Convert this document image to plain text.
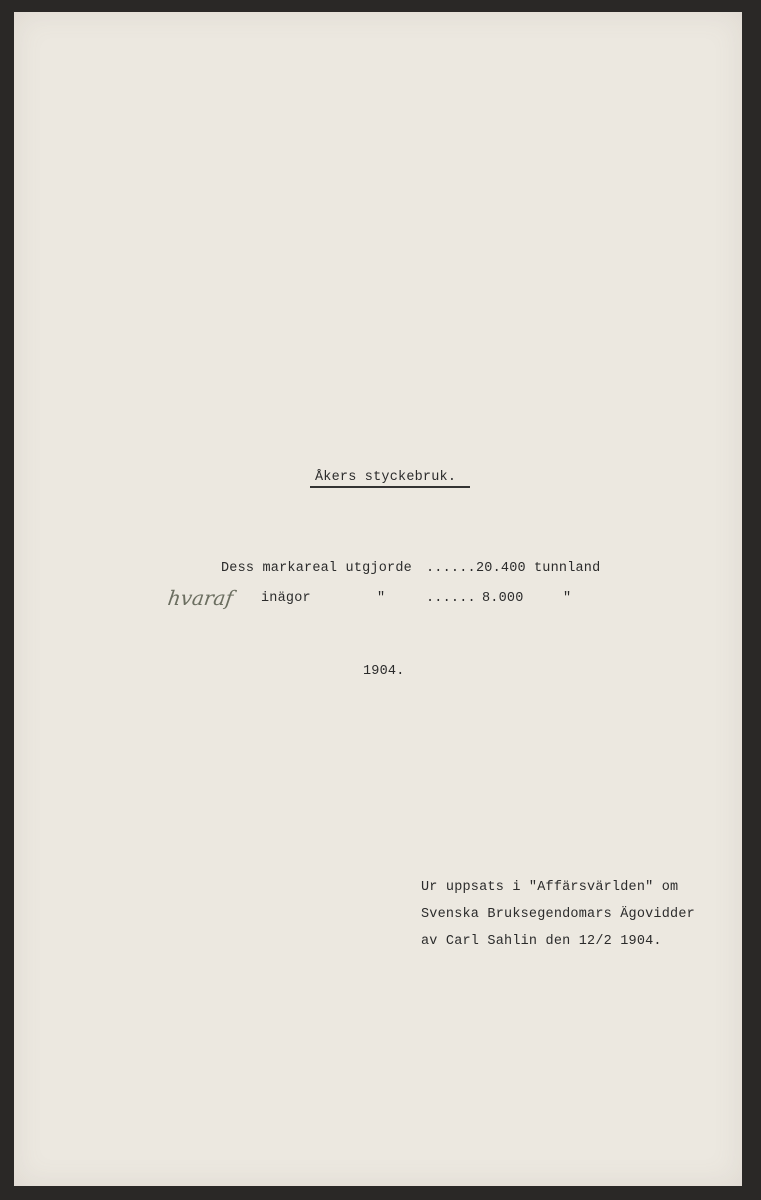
Åkers styckebruk.
Dess markareal utgjorde ...... 20.400 tunnland
hvaraf inägor	"	...... 8.000	"
1904.
Ur uppsats i "Affärsvärlden" om
Svenska Bruksegendomars Ägovidder
av Carl Sahlin den 12/2 1904.
